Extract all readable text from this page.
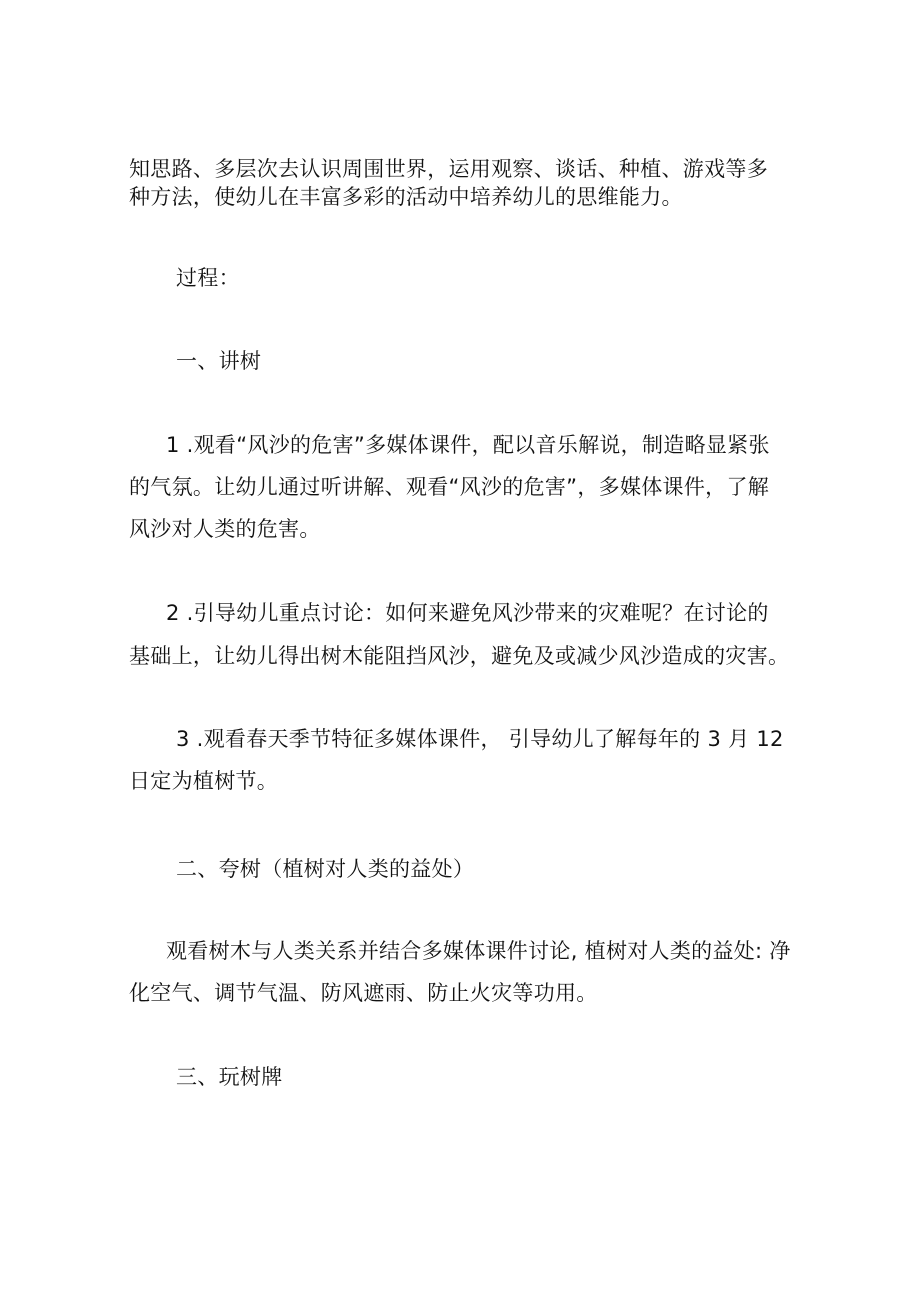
知思路、多层次去认识周围世界，运用观察、谈话、种植、游戏等多
种方法，使幼儿在丰富多彩的活动中培养幼儿的思维能力。
过程：
一、讲树
1 .观看“风沙的危害”多媒体课件，配以音乐解说，制造略显紧张
的气氛。让幼儿通过听讲解、观看“风沙的危害”，多媒体课件，了解
风沙对人类的危害。
2 .引导幼儿重点讨论：如何来避免风沙带来的灾难呢？在讨论的
基础上，让幼儿得出树木能阻挡风沙，避免及或减少风沙造成的灾害。
3 .观看春天季节特征多媒体课件， 引导幼儿了解每年的 3 月 12
日定为植树节。
二、夸树（植树对人类的益处）
观看树木与人类关系并结合多媒体课件讨论, 植树对人类的益处: 净
化空气、调节气温、防风遮雨、防止火灾等功用。
三、玩树牌
